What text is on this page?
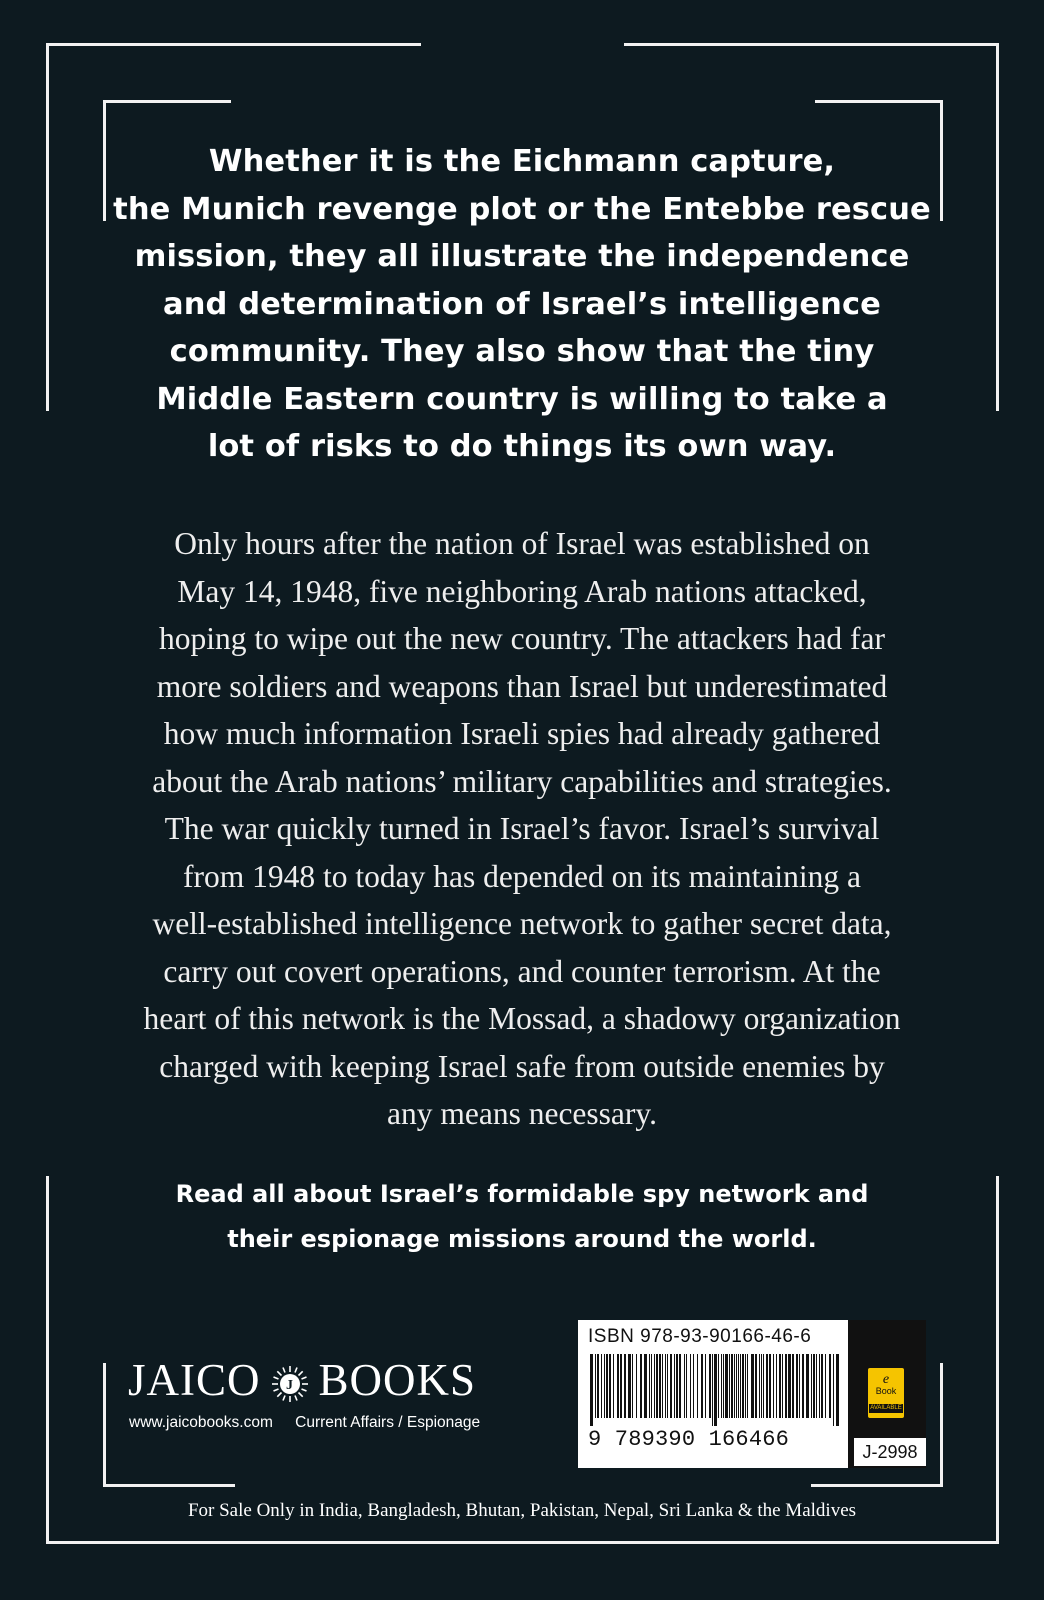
Whether it is the Eichmann capture,
the Munich revenge plot or the Entebbe rescue
mission, they all illustrate the independence
and determination of Israel’s intelligence
community. They also show that the tiny
Middle Eastern country is willing to take a
lot of risks to do things its own way.
Only hours after the nation of Israel was established on
May 14, 1948, five neighboring Arab nations attacked,
hoping to wipe out the new country. The attackers had far
more soldiers and weapons than Israel but underestimated
how much information Israeli spies had already gathered
about the Arab nations’ military capabilities and strategies.
The war quickly turned in Israel’s favor. Israel’s survival
from 1948 to today has depended on its maintaining a
well-established intelligence network to gather secret data,
carry out covert operations, and counter terrorism. At the
heart of this network is the Mossad, a shadowy organization
charged with keeping Israel safe from outside enemies by
any means necessary.
Read all about Israel’s formidable spy network and
their espionage missions around the world.
JAICO J BOOKS
www.jaicobooks.com Current Affairs / Espionage
ISBN 978-93-90166-46-6
9 789390 166466
e
Book
AVAILABLE
J-2998
For Sale Only in India, Bangladesh, Bhutan, Pakistan, Nepal, Sri Lanka & the Maldives
